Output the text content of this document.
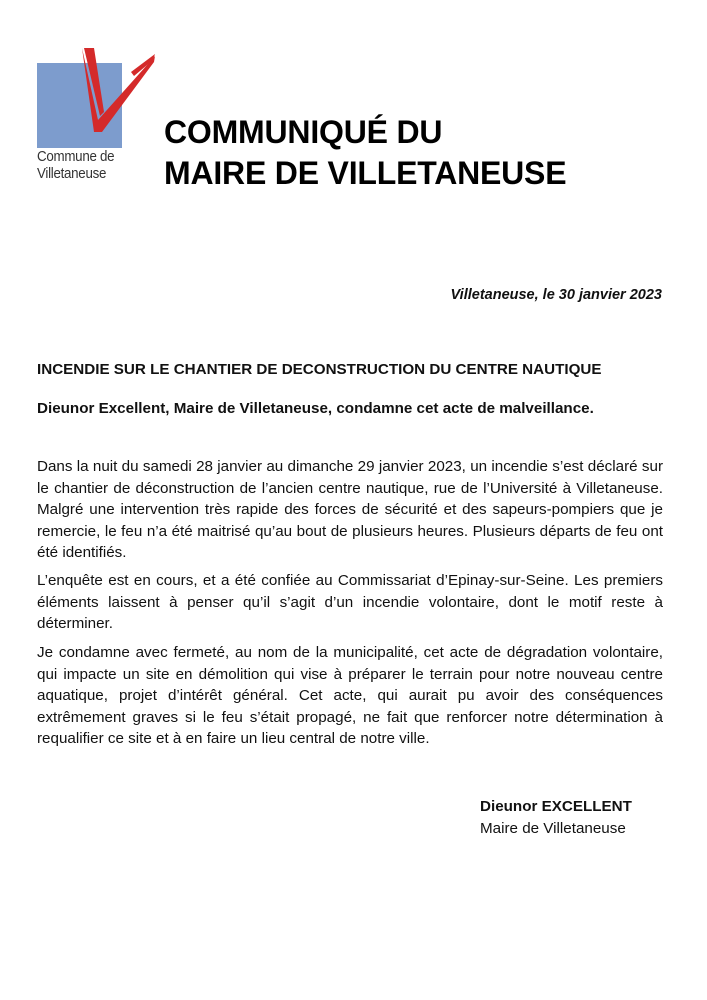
Commune de
Villetaneuse
COMMUNIQUÉ DU
MAIRE DE VILLETANEUSE

Villetaneuse, le 30 janvier 2023

INCENDIE SUR LE CHANTIER DE DECONSTRUCTION DU CENTRE NAUTIQUE

Dieunor Excellent, Maire de Villetaneuse, condamne cet acte de malveillance.

Dans la nuit du samedi 28 janvier au dimanche 29 janvier 2023, un incendie s’est déclaré sur le chantier de déconstruction de l’ancien centre nautique, rue de l’Université à Villetaneuse. Malgré une intervention très rapide des forces de sécurité et des sapeurs-pompiers que je remercie, le feu n’a été maitrisé qu’au bout de plusieurs heures. Plusieurs départs de feu ont été identifiés.

L’enquête est en cours, et a été confiée au Commissariat d’Epinay-sur-Seine. Les premiers éléments laissent à penser qu’il s’agit d’un incendie volontaire, dont le motif reste à déterminer.

Je condamne avec fermeté, au nom de la municipalité, cet acte de dégradation volontaire, qui impacte un site en démolition qui vise à préparer le terrain pour notre nouveau centre aquatique, projet d’intérêt général. Cet acte, qui aurait pu avoir des conséquences extrêmement graves si le feu s’était propagé, ne fait que renforcer notre détermination à requalifier ce site et à en faire un lieu central de notre ville.

Dieunor EXCELLENT
Maire de Villetaneuse
